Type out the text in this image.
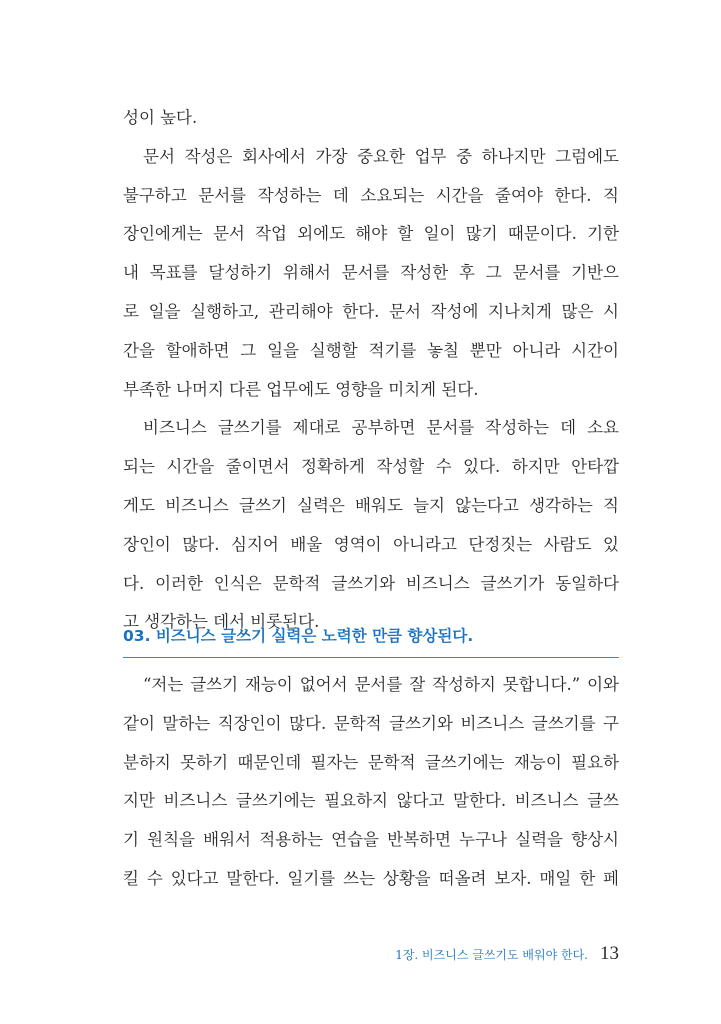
성이 높다.
문서 작성은 회사에서 가장 중요한 업무 중 하나지만 그럼에도
불구하고 문서를 작성하는 데 소요되는 시간을 줄여야 한다. 직
장인에게는 문서 작업 외에도 해야 할 일이 많기 때문이다. 기한
내 목표를 달성하기 위해서 문서를 작성한 후 그 문서를 기반으
로 일을 실행하고, 관리해야 한다. 문서 작성에 지나치게 많은 시
간을 할애하면 그 일을 실행할 적기를 놓칠 뿐만 아니라 시간이
부족한 나머지 다른 업무에도 영향을 미치게 된다.
비즈니스 글쓰기를 제대로 공부하면 문서를 작성하는 데 소요
되는 시간을 줄이면서 정확하게 작성할 수 있다. 하지만 안타깝
게도 비즈니스 글쓰기 실력은 배워도 늘지 않는다고 생각하는 직
장인이 많다. 심지어 배울 영역이 아니라고 단정짓는 사람도 있
다. 이러한 인식은 문학적 글쓰기와 비즈니스 글쓰기가 동일하다
고 생각하는 데서 비롯된다.
03. 비즈니스 글쓰기 실력은 노력한 만큼 향상된다.
“저는 글쓰기 재능이 없어서 문서를 잘 작성하지 못합니다.” 이와
같이 말하는 직장인이 많다. 문학적 글쓰기와 비즈니스 글쓰기를 구
분하지 못하기 때문인데 필자는 문학적 글쓰기에는 재능이 필요하
지만 비즈니스 글쓰기에는 필요하지 않다고 말한다. 비즈니스 글쓰
기 원칙을 배워서 적용하는 연습을 반복하면 누구나 실력을 향상시
킬 수 있다고 말한다. 일기를 쓰는 상황을 떠올려 보자. 매일 한 페
1장. 비즈니스 글쓰기도 배워야 한다. 13
